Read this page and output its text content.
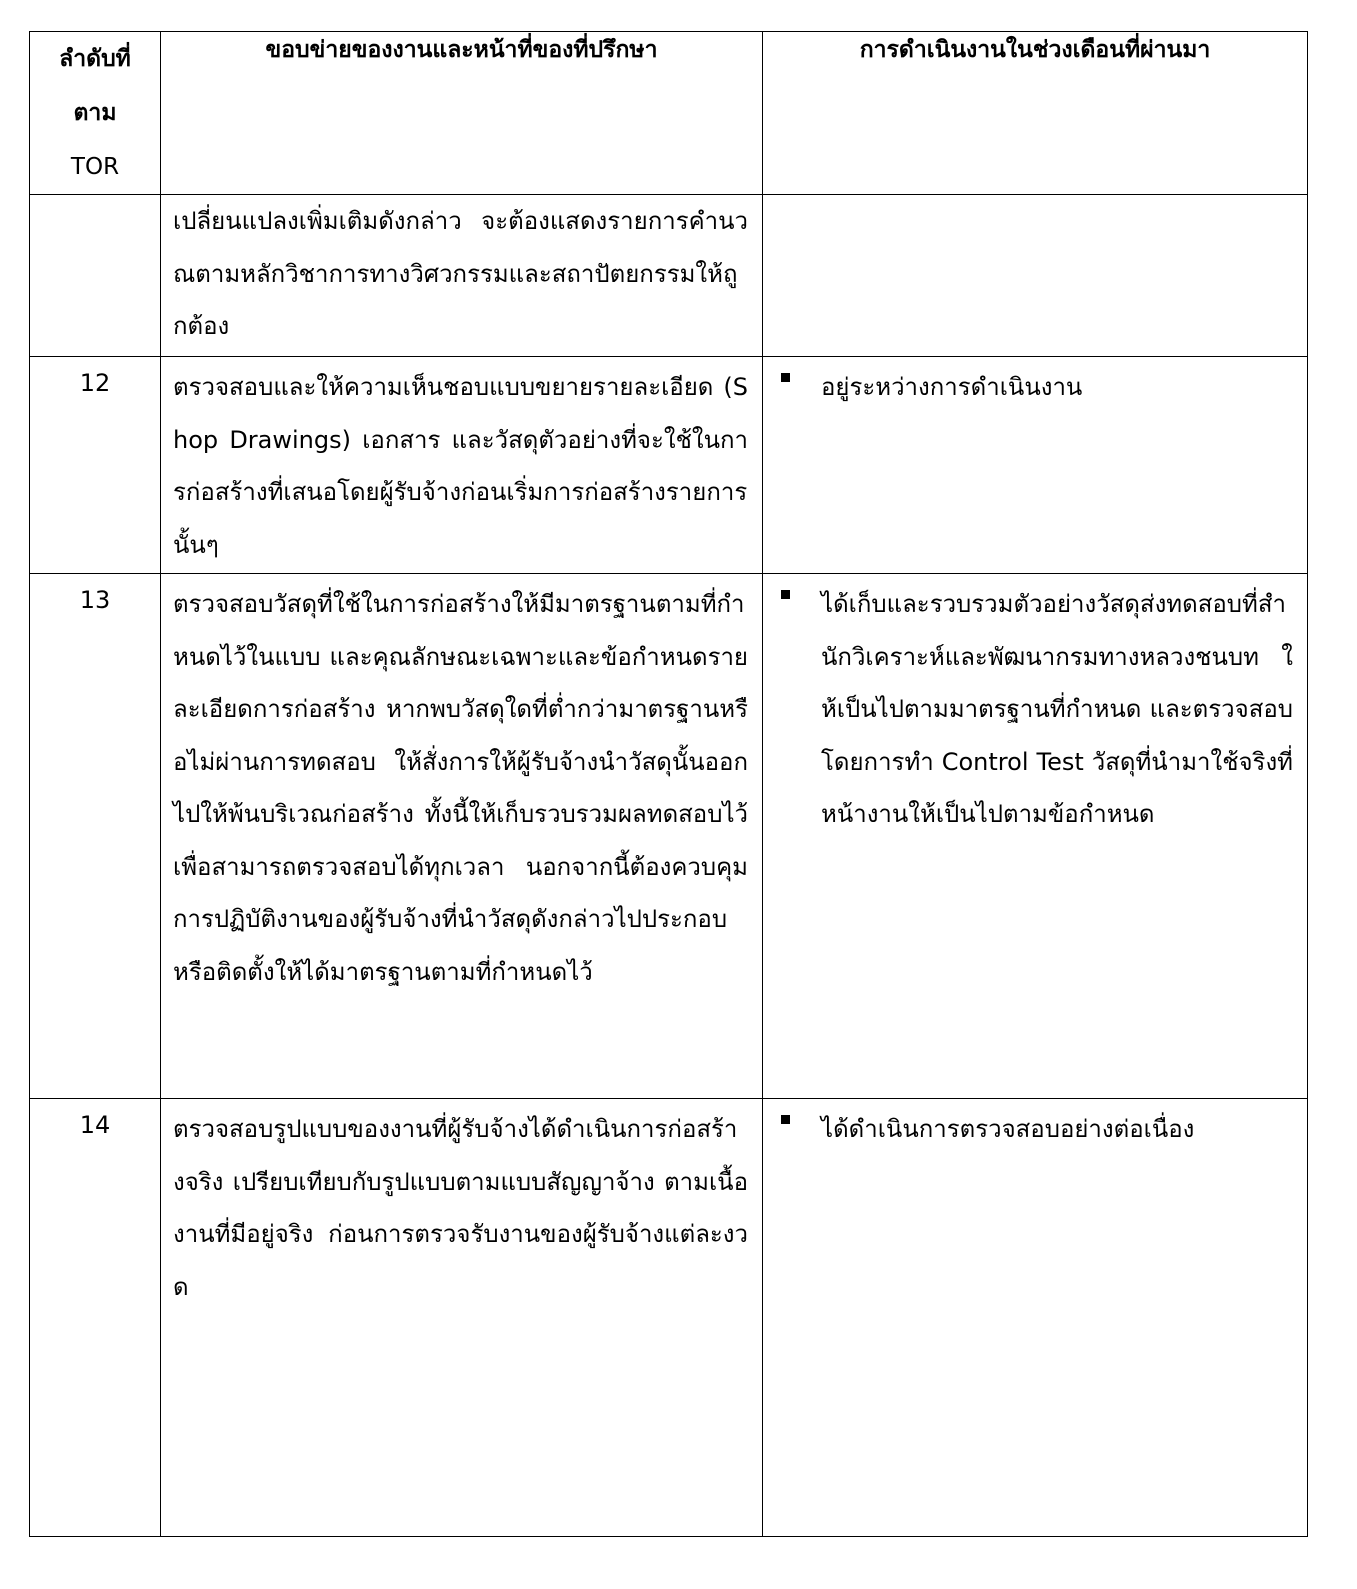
ลำดับที่
ตาม
TOR	ขอบข่ายของงานและหน้าที่ของที่ปรึกษา	การดำเนินงานในช่วงเดือนที่ผ่านมา
	เปลี่ยนแปลงเพิ่มเติมดังกล่าว จะต้องแสดงรายการคำนวณตามหลักวิชาการทางวิศวกรรมและสถาปัตยกรรมให้ถูกต้อง	
12	ตรวจสอบและให้ความเห็นชอบแบบขยายรายละเอียด (Shop Drawings) เอกสาร และวัสดุตัวอย่างที่จะใช้ในการก่อสร้างที่เสนอโดยผู้รับจ้างก่อนเริ่มการก่อสร้างรายการนั้นๆ	อยู่ระหว่างการดำเนินงาน

13	ตรวจสอบวัสดุที่ใช้ในการก่อสร้างให้มีมาตรฐานตามที่กำหนดไว้ในแบบ และคุณลักษณะเฉพาะและข้อกำหนดรายละเอียดการก่อสร้าง หากพบวัสดุใดที่ต่ำกว่ามาตรฐานหรือไม่ผ่านการทดสอบ ให้สั่งการให้ผู้รับจ้างนำวัสดุนั้นออกไปให้พ้นบริเวณก่อสร้าง ทั้งนี้ให้เก็บรวบรวมผลทดสอบไว้เพื่อสามารถตรวจสอบได้ทุกเวลา นอกจากนี้ต้องควบคุมการปฏิบัติงานของผู้รับจ้างที่นำวัสดุดังกล่าวไปประกอบ หรือติดตั้งให้ได้มาตรฐานตามที่กำหนดไว้	ได้เก็บและรวบรวมตัวอย่างวัสดุส่งทดสอบที่สำนักวิเคราะห์และพัฒนากรมทางหลวงชนบท ให้เป็นไปตามมาตรฐานที่กำหนด และตรวจสอบโดยการทำ Control Test วัสดุที่นำมาใช้จริงที่หน้างานให้เป็นไปตามข้อกำหนด

14	ตรวจสอบรูปแบบของงานที่ผู้รับจ้างได้ดำเนินการก่อสร้างจริง เปรียบเทียบกับรูปแบบตามแบบสัญญาจ้าง ตามเนื้องานที่มีอยู่จริง ก่อนการตรวจรับงานของผู้รับจ้างแต่ละงวด	ได้ดำเนินการตรวจสอบอย่างต่อเนื่อง
